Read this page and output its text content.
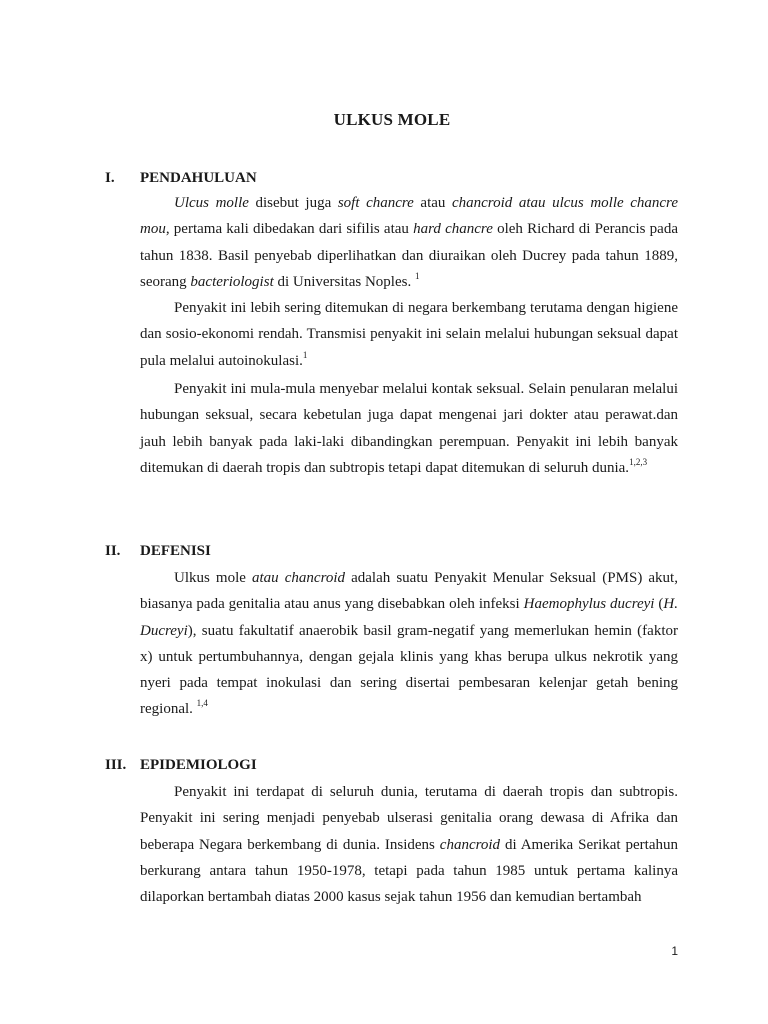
ULKUS MOLE
I. PENDAHULUAN

Ulcus molle disebut juga soft chancre atau chancroid atau ulcus molle chancre mou, pertama kali dibedakan dari sifilis atau hard chancre oleh Richard di Perancis pada tahun 1838. Basil penyebab diperlihatkan dan diuraikan oleh Ducrey pada tahun 1889, seorang bacteriologist di Universitas Noples. $^1$

Penyakit ini lebih sering ditemukan di negara berkembang terutama dengan higiene dan sosio-ekonomi rendah. Transmisi penyakit ini selain melalui hubungan seksual dapat pula melalui autoinokulasi.$^1$

Penyakit ini mula-mula menyebar melalui kontak seksual. Selain penularan melalui hubungan seksual, secara kebetulan juga dapat mengenai jari dokter atau perawat.dan jauh lebih banyak pada laki-laki dibandingkan perempuan. Penyakit ini lebih banyak ditemukan di daerah tropis dan subtropis tetapi dapat ditemukan di seluruh dunia.$^{1,2,3}$

II. DEFENISI

Ulkus mole atau chancroid adalah suatu Penyakit Menular Seksual (PMS) akut, biasanya pada genitalia atau anus yang disebabkan oleh infeksi Haemophylus ducreyi (H. Ducreyi), suatu fakultatif anaerobik basil gram-negatif yang memerlukan hemin (faktor x) untuk pertumbuhannya, dengan gejala klinis yang khas berupa ulkus nekrotik yang nyeri pada tempat inokulasi dan sering disertai pembesaran kelenjar getah bening regional. $^{1,4}$

III. EPIDEMIOLOGI

Penyakit ini terdapat di seluruh dunia, terutama di daerah tropis dan subtropis. Penyakit ini sering menjadi penyebab ulserasi genitalia orang dewasa di Afrika dan beberapa Negara berkembang di dunia. Insidens chancroid di Amerika Serikat pertahun berkurang antara tahun 1950-1978, tetapi pada tahun 1985 untuk pertama kalinya dilaporkan bertambah diatas 2000 kasus sejak tahun 1956 dan kemudian bertambah

1
